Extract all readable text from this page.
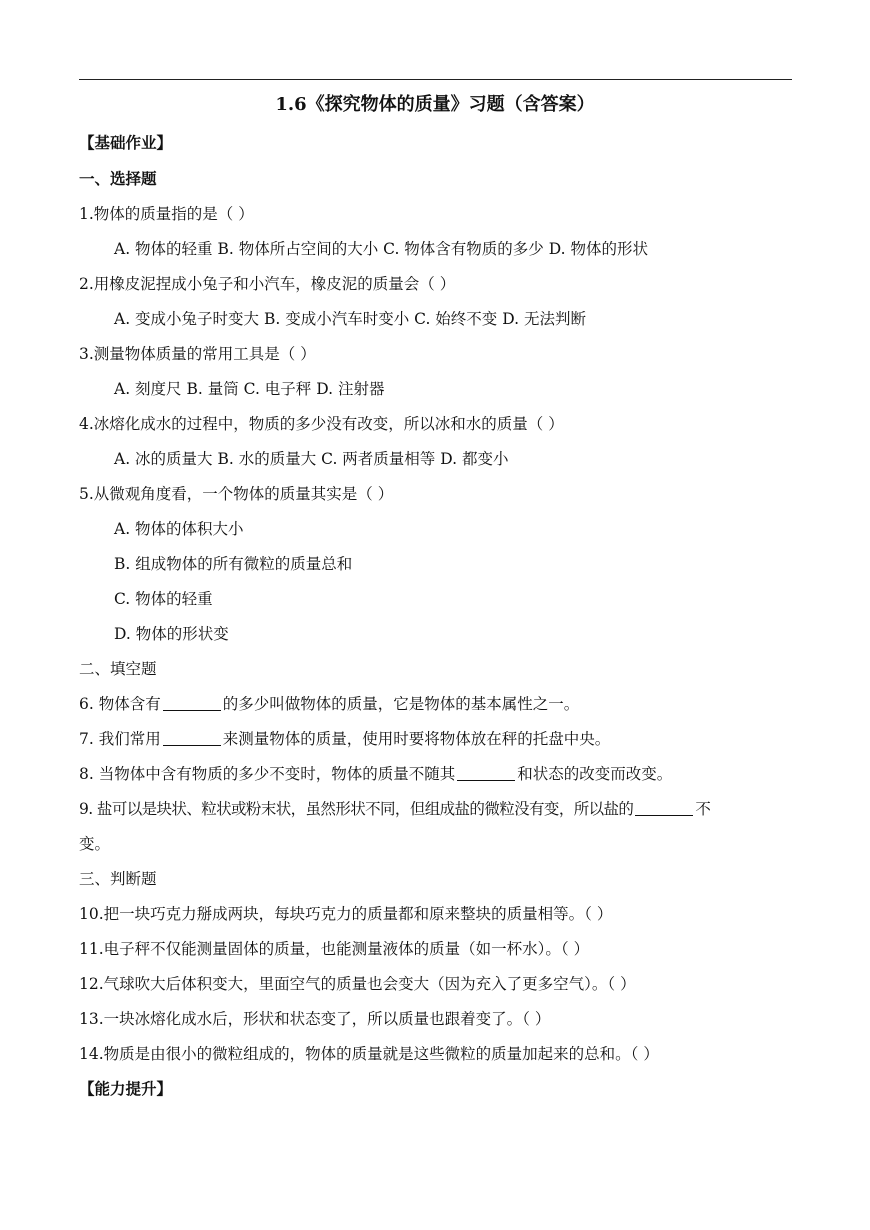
1.6《探究物体的质量》习题（含答案）
【基础作业】
一、选择题
1.物体的质量指的是（ ）
A. 物体的轻重 B. 物体所占空间的大小 C. 物体含有物质的多少 D. 物体的形状
2.用橡皮泥捏成小兔子和小汽车，橡皮泥的质量会（ ）
A. 变成小兔子时变大 B. 变成小汽车时变小 C. 始终不变 D. 无法判断
3.测量物体质量的常用工具是（ ）
A. 刻度尺 B. 量筒 C. 电子秤 D. 注射器
4.冰熔化成水的过程中，物质的多少没有改变，所以冰和水的质量（ ）
A. 冰的质量大 B. 水的质量大 C. 两者质量相等 D. 都变小
5.从微观角度看，一个物体的质量其实是（ ）
A. 物体的体积大小
B. 组成物体的所有微粒的质量总和
C. 物体的轻重
D. 物体的形状变
二、填空题
6. 物体含有	的多少叫做物体的质量，它是物体的基本属性之一。
7. 我们常用	来测量物体的质量，使用时要将物体放在秤的托盘中央。
8. 当物体中含有物质的多少不变时，物体的质量不随其	和状态的改变而改变。
9. 盐可以是块状、粒状或粉末状，虽然形状不同，但组成盐的微粒没有变，所以盐的	不
变。
三、判断题
10.把一块巧克力掰成两块，每块巧克力的质量都和原来整块的质量相等。（ ）
11.电子秤不仅能测量固体的质量，也能测量液体的质量（如一杯水）。（ ）
12.气球吹大后体积变大，里面空气的质量也会变大（因为充入了更多空气）。（ ）
13.一块冰熔化成水后，形状和状态变了，所以质量也跟着变了。（ ）
14.物质是由很小的微粒组成的，物体的质量就是这些微粒的质量加起来的总和。（ ）
【能力提升】
